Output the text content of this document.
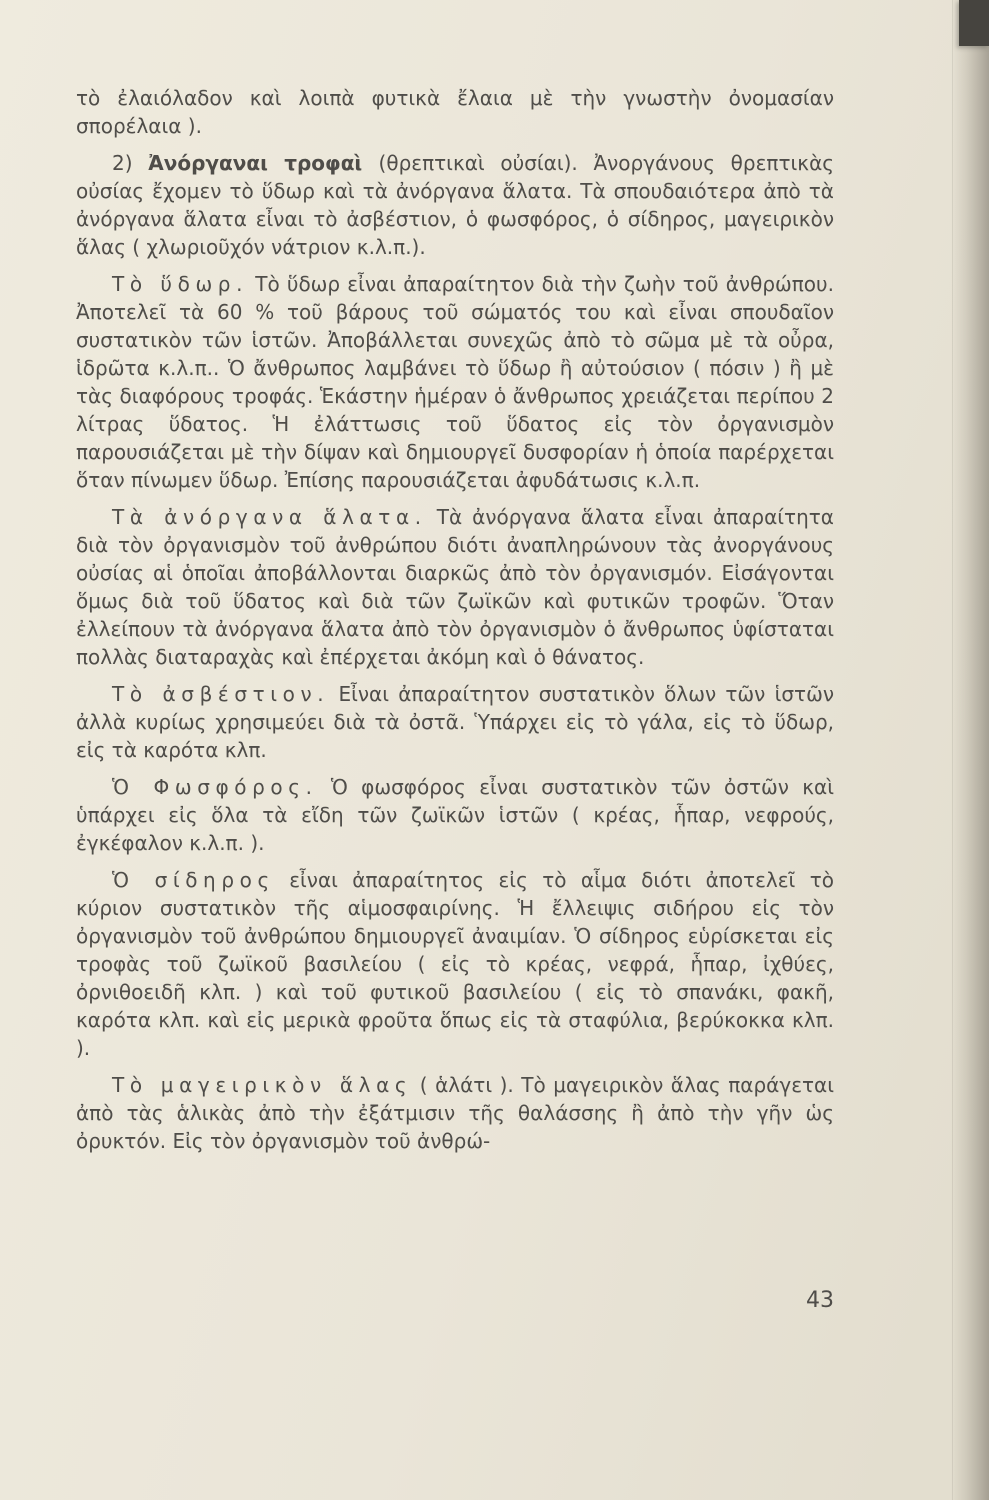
τὸ ἐλαιόλαδον καὶ λοιπὰ φυτικὰ ἔλαια μὲ τὴν γνωστὴν ὀνομασίαν σπορέλαια ).

2) Ἀνόργαναι τροφαὶ (θρεπτικαὶ οὐσίαι). Ἀνοργάνους θρεπτικὰς οὐσίας ἔχομεν τὸ ὕδωρ καὶ τὰ ἀνόργανα ἅλατα. Τὰ σπουδαιότερα ἀπὸ τὰ ἀνόργανα ἅλατα εἶναι τὸ ἀσβέστιον, ὁ φωσφόρος, ὁ σίδηρος, μαγειρικὸν ἅλας ( χλωριοῦχόν νάτριον κ.λ.π.).

Τὸ ὕδωρ. Τὸ ὕδωρ εἶναι ἀπαραίτητον διὰ τὴν ζωὴν τοῦ ἀνθρώπου. Ἀποτελεῖ τὰ 60 % τοῦ βάρους τοῦ σώματός του καὶ εἶναι σπουδαῖον συστατικὸν τῶν ἱστῶν. Ἀποβάλλεται συνεχῶς ἀπὸ τὸ σῶμα μὲ τὰ οὖρα, ἱδρῶτα κ.λ.π.. Ὁ ἄνθρωπος λαμβάνει τὸ ὕδωρ ἢ αὐτούσιον ( πόσιν ) ἢ μὲ τὰς διαφόρους τροφάς. Ἑκάστην ἡμέραν ὁ ἄνθρωπος χρειάζεται περίπου 2 λίτρας ὕδατος. Ἡ ἐλάττωσις τοῦ ὕδατος εἰς τὸν ὀργανισμὸν παρουσιάζεται μὲ τὴν δίψαν καὶ δημιουργεῖ δυσφορίαν ἡ ὁποία παρέρχεται ὅταν πίνωμεν ὕδωρ. Ἐπίσης παρουσιάζεται ἀφυδάτωσις κ.λ.π.

Τὰ ἀνόργανα ἅλατα. Τὰ ἀνόργανα ἅλατα εἶναι ἀπαραίτητα διὰ τὸν ὀργανισμὸν τοῦ ἀνθρώπου διότι ἀναπληρώνουν τὰς ἀνοργάνους οὐσίας αἱ ὁποῖαι ἀποβάλλονται διαρκῶς ἀπὸ τὸν ὀργανισμόν. Εἰσάγονται ὅμως διὰ τοῦ ὕδατος καὶ διὰ τῶν ζωϊκῶν καὶ φυτικῶν τροφῶν. Ὅταν ἐλλείπουν τὰ ἀνόργανα ἅλατα ἀπὸ τὸν ὀργανισμὸν ὁ ἄνθρωπος ὑφίσταται πολλὰς διαταραχὰς καὶ ἐπέρχεται ἀκόμη καὶ ὁ θάνατος.

Τὸ ἀσβέστιον. Εἶναι ἀπαραίτητον συστατικὸν ὅλων τῶν ἱστῶν ἀλλὰ κυρίως χρησιμεύει διὰ τὰ ὀστᾶ. Ὑπάρχει εἰς τὸ γάλα, εἰς τὸ ὕδωρ, εἰς τὰ καρότα κλπ.

Ὁ Φωσφόρος. Ὁ φωσφόρος εἶναι συστατικὸν τῶν ὀστῶν καὶ ὑπάρχει εἰς ὅλα τὰ εἴδη τῶν ζωϊκῶν ἱστῶν ( κρέας, ἧπαρ, νεφρούς, ἐγκέφαλον κ.λ.π. ).

Ὁ σίδηρος εἶναι ἀπαραίτητος εἰς τὸ αἷμα διότι ἀποτελεῖ τὸ κύριον συστατικὸν τῆς αἱμοσφαιρίνης. Ἡ ἔλλειψις σιδήρου εἰς τὸν ὀργανισμὸν τοῦ ἀνθρώπου δημιουργεῖ ἀναιμίαν. Ὁ σίδηρος εὑρίσκεται εἰς τροφὰς τοῦ ζωϊκοῦ βασιλείου ( εἰς τὸ κρέας, νεφρά, ἧπαρ, ἰχθύες, ὀρνιθοειδῆ κλπ. ) καὶ τοῦ φυτικοῦ βασιλείου ( εἰς τὸ σπανάκι, φακῆ, καρότα κλπ. καὶ εἰς μερικὰ φροῦτα ὅπως εἰς τὰ σταφύλια, βερύκοκκα κλπ. ).

Τὸ μαγειρικὸν ἅλας ( ἁλάτι ). Τὸ μαγειρικὸν ἅλας παράγεται ἀπὸ τὰς ἁλικὰς ἀπὸ τὴν ἐξάτμισιν τῆς θαλάσσης ἢ ἀπὸ τὴν γῆν ὡς ὀρυκτόν. Εἰς τὸν ὀργανισμὸν τοῦ ἀνθρώ-

43
